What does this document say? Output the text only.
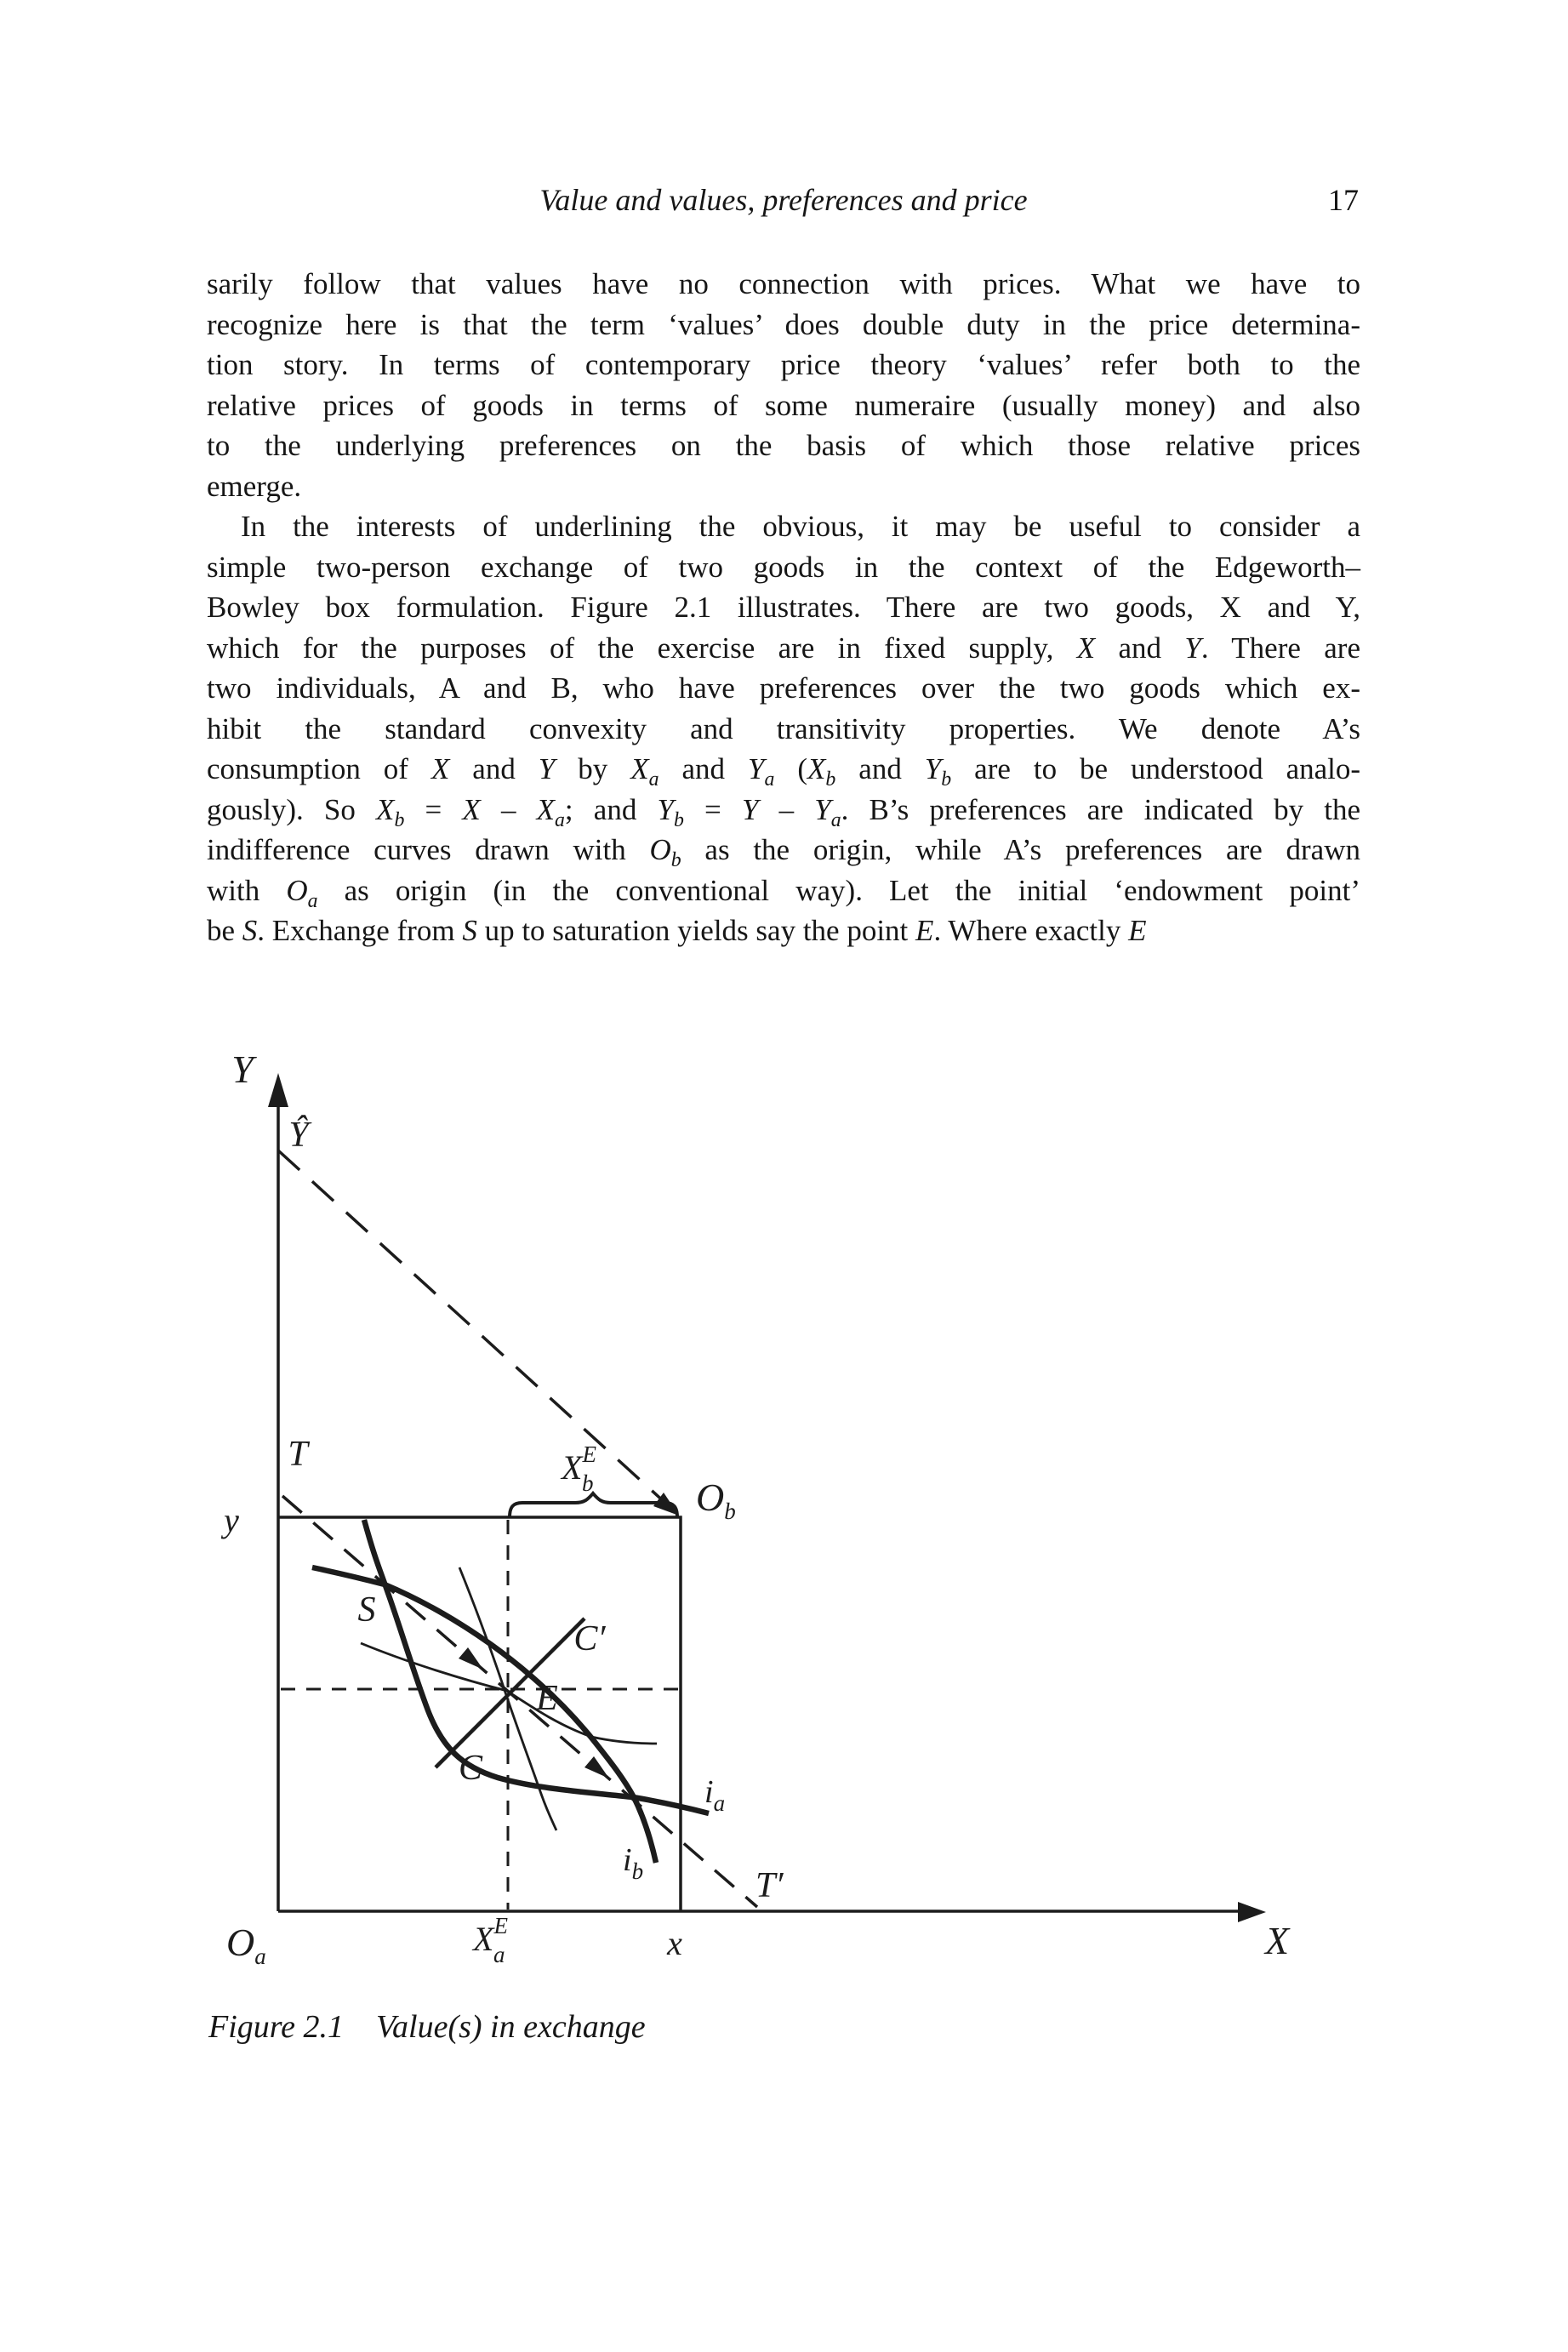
Value and values, preferences and price	17
sarily follow that values have no connection with prices. What we have to
recognize here is that the term ‘values’ does double duty in the price determina-
tion story. In terms of contemporary price theory ‘values’ refer both to the
relative prices of goods in terms of some numeraire (usually money) and also
to the underlying preferences on the basis of which those relative prices
emerge.
In the interests of underlining the obvious, it may be useful to consider a
simple two-person exchange of two goods in the context of the Edgeworth–
Bowley box formulation. Figure 2.1 illustrates. There are two goods, X and Y,
which for the purposes of the exercise are in fixed supply, X and Y. There are
two individuals, A and B, who have preferences over the two goods which ex-
hibit the standard convexity and transitivity properties. We denote A’s
consumption of X and Y by $X_a$ and $Y_a$ ($X_b$ and $Y_b$ are to be understood analo-
gously). So $X_b = X - X_a$; and $Y_b = Y - Y_a$. B’s preferences are indicated by the
indifference curves drawn with $O_b$ as the origin, while A’s preferences are drawn
with $O_a$ as origin (in the conventional way). Let the initial ‘endowment point’
be S. Exchange from S up to saturation yields say the point E. Where exactly E
Y
Ŷ
y
T
T′
$O_b$
$O_a$
$X^E$ b
$X^E$ a
$i_a$
$i_b$
S
E
C
C′
x	X
Figure 2.1 Value(s) in exchange
